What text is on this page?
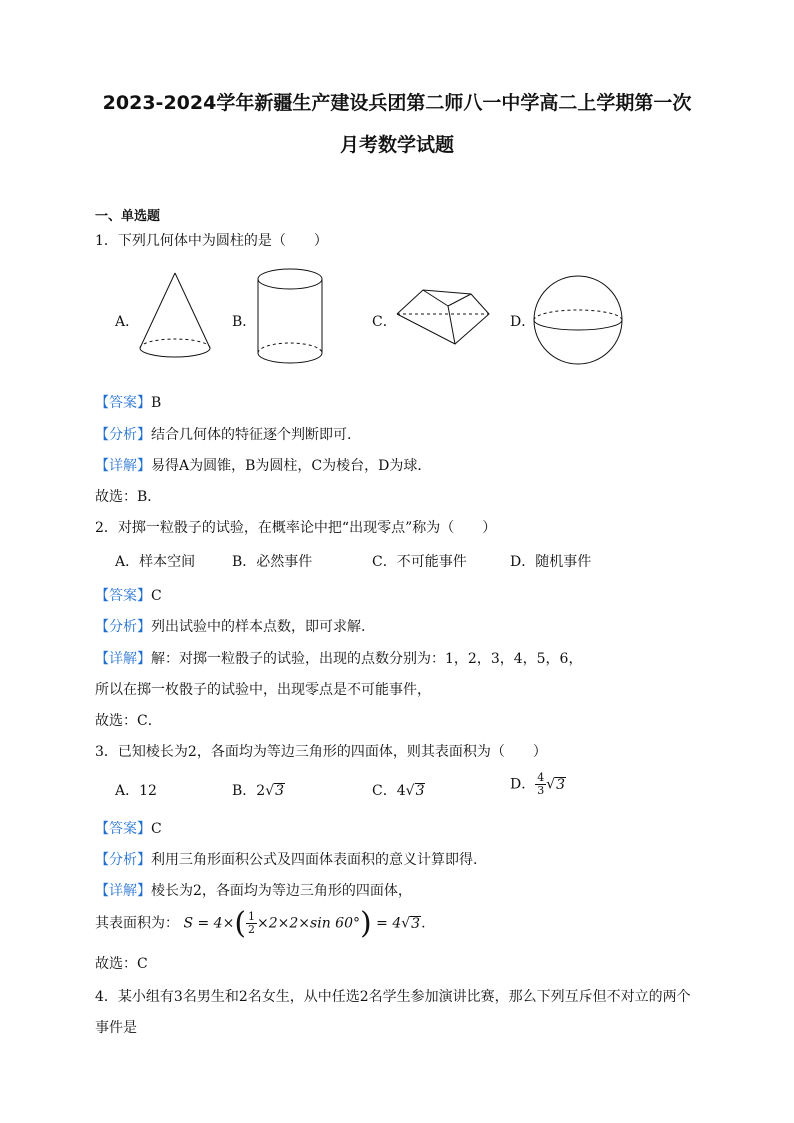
2023-2024学年新疆生产建设兵团第二师八一中学高二上学期第一次
月考数学试题
一、单选题
1．下列几何体中为圆柱的是（　　）
A．	B．	C．	D．
【答案】B
【分析】结合几何体的特征逐个判断即可.
【详解】易得A为圆锥，B为圆柱，C为棱台，D为球．
故选：B．
2．对掷一粒骰子的试验，在概率论中把“出现零点”称为（　　）
A．样本空间	B．必然事件	C．不可能事件	D．随机事件
【答案】C
【分析】列出试验中的样本点数，即可求解.
【详解】解：对掷一粒骰子的试验，出现的点数分别为：1，2，3，4，5，6，
所以在掷一枚骰子的试验中，出现零点是不可能事件，
故选：C．
3．已知棱长为2，各面均为等边三角形的四面体，则其表面积为（　　）
A．12	B．2√3	C．4√3	D． $\frac{4}{3} √3$
【答案】C
【分析】利用三角形面积公式及四面体表面积的意义计算即得.
【详解】棱长为2，各面均为等边三角形的四面体，
其表面积为： $S = 4\times( \frac{1}{2} \times 2\times 2\times\sin$ 60°) = 4√3.
故选：C
4．某小组有3名男生和2名女生，从中任选2名学生参加演讲比赛，那么下列互斥但不对立的两个
事件是
